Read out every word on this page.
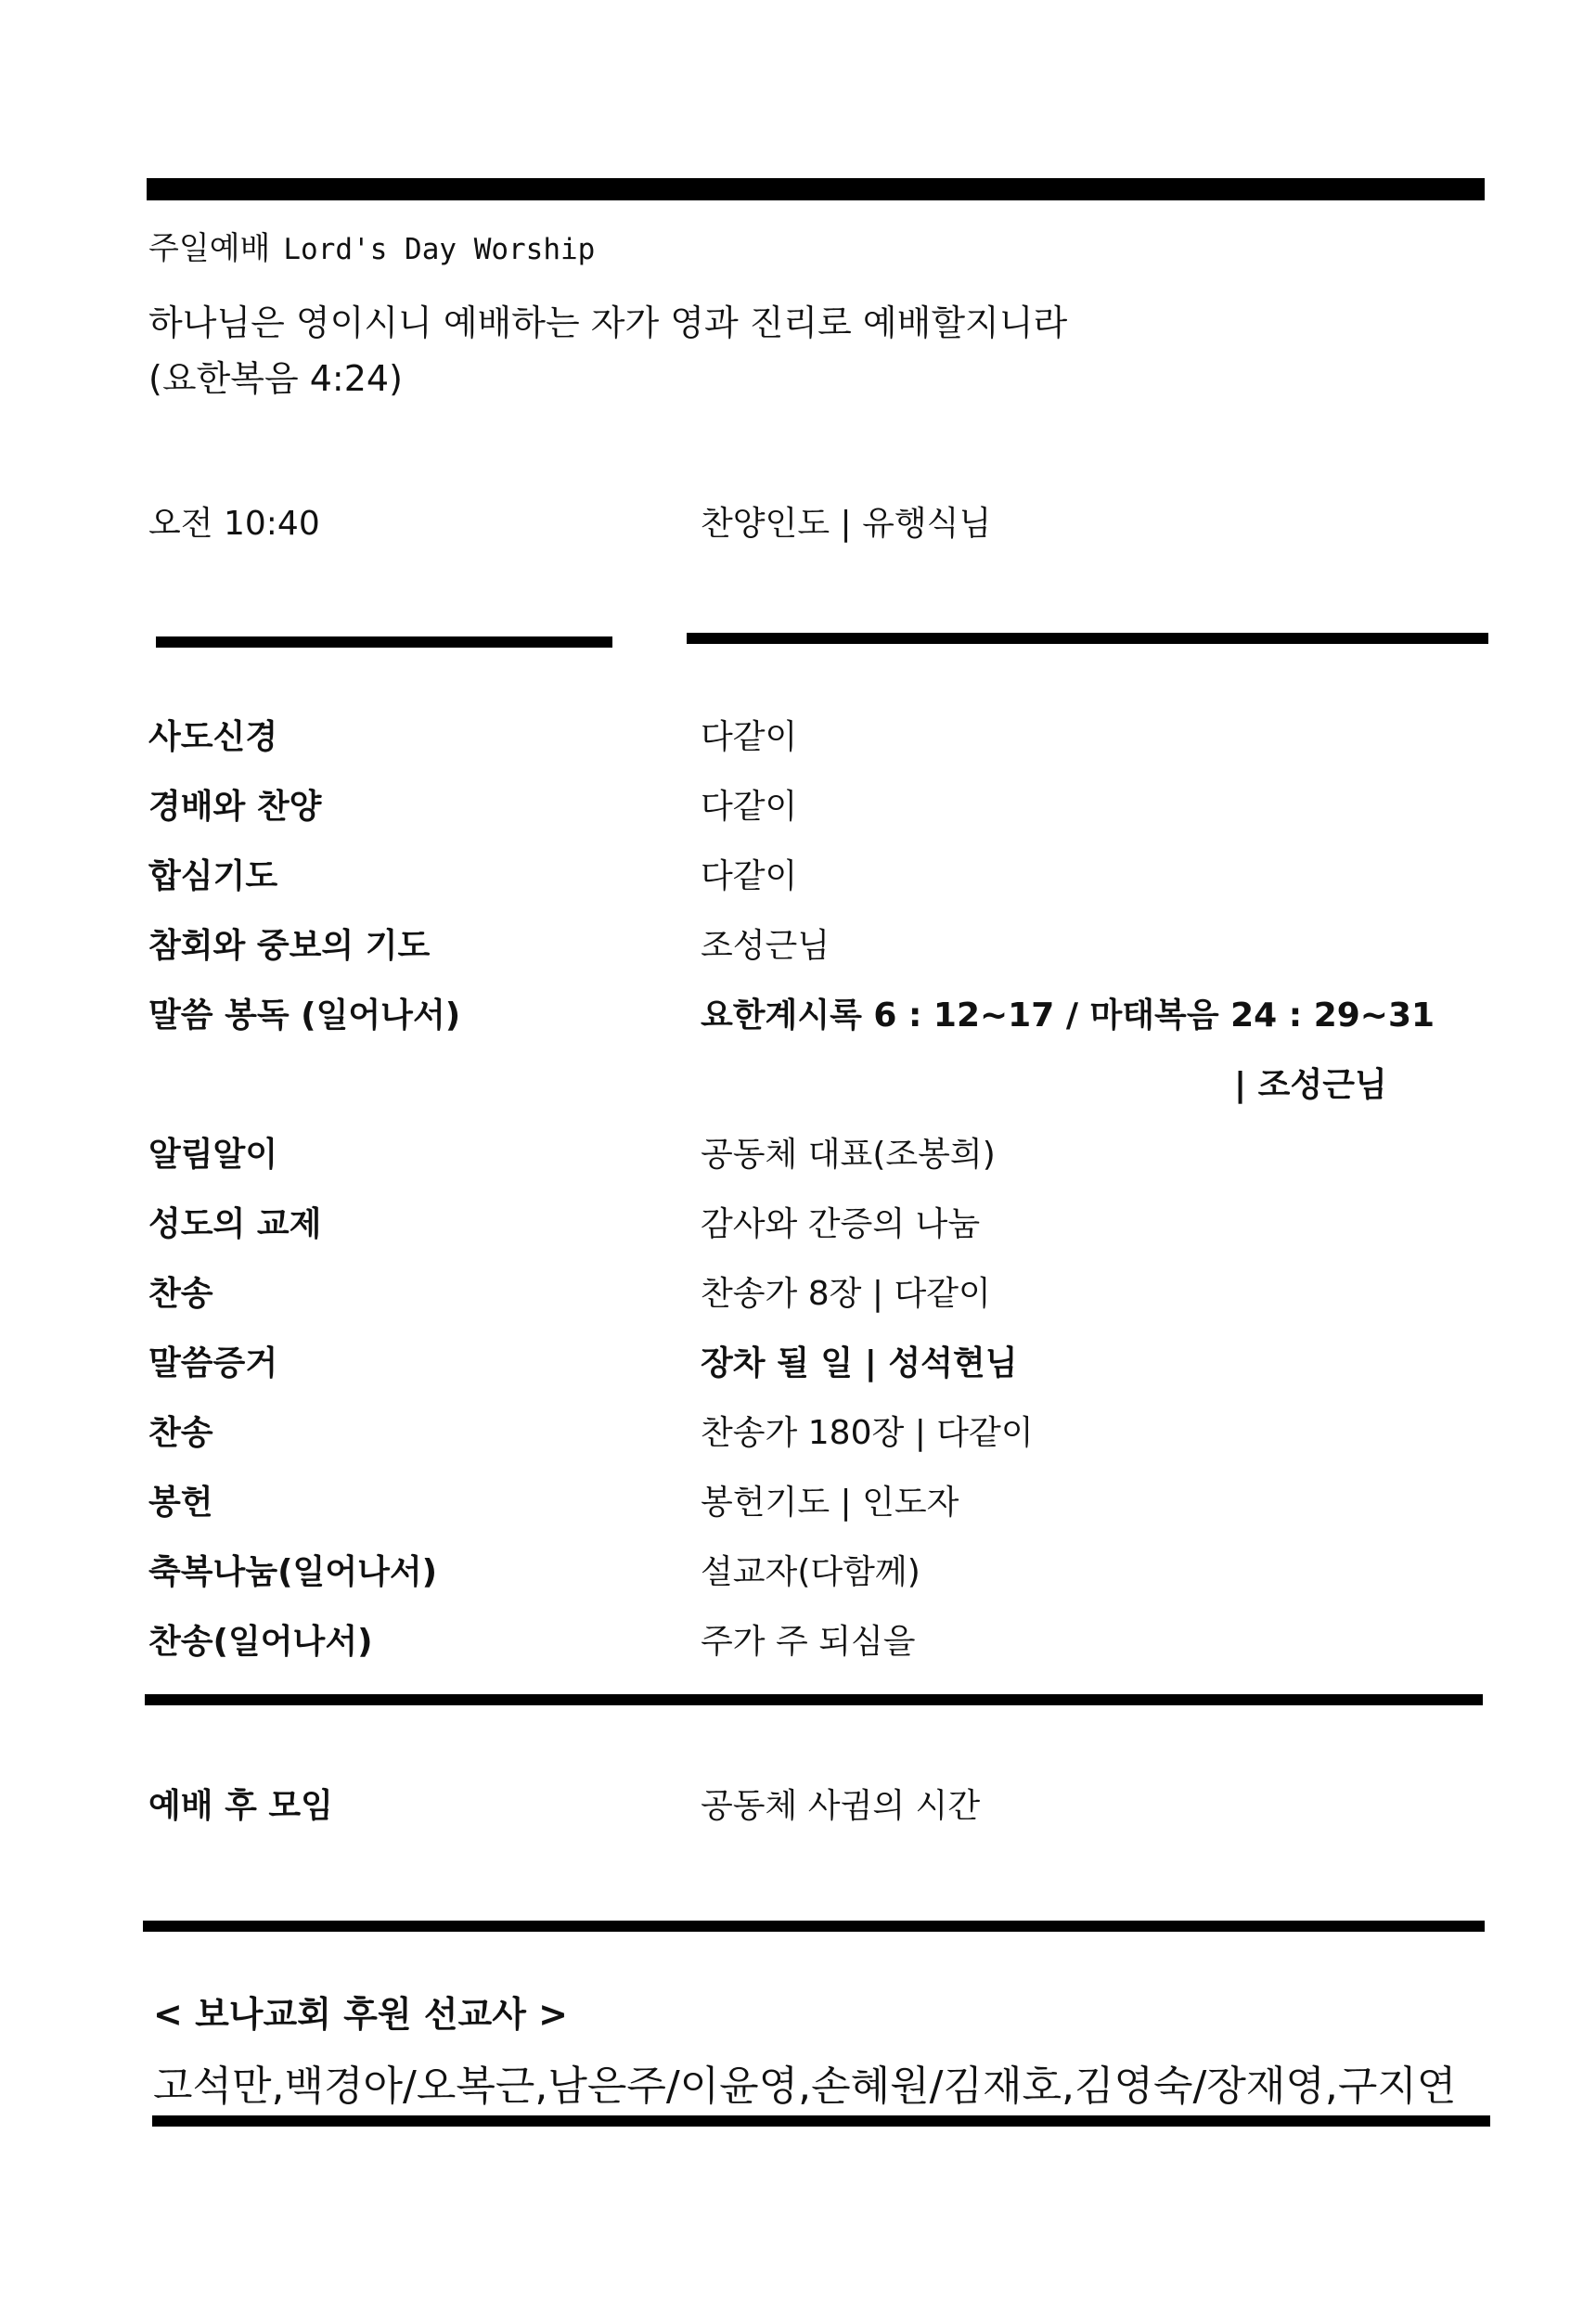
주일예배 Lord's Day Worship
하나님은 영이시니 예배하는 자가 영과 진리로 예배할지니라
(요한복음 4:24)
오전 10:40	찬양인도 | 유행식님
사도신경	다같이
경배와 찬양	다같이
합심기도	다같이
참회와 중보의 기도	조성근님
말씀 봉독 (일어나서)	요한계시록 6 : 12~17 / 마태복음 24 : 29~31
| 조성근님
알림알이	공동체 대표(조봉희)
성도의 교제	감사와 간증의 나눔
찬송	찬송가 8장 | 다같이
말씀증거	장차 될 일 | 성석현님
찬송	찬송가 180장 | 다같이
봉헌	봉헌기도 | 인도자
축복나눔(일어나서)	설교자(다함께)
찬송(일어나서)	주가 주 되심을
예배 후 모임	공동체 사귐의 시간
< 보나교회 후원 선교사 >
고석만,백경아/오복근,남은주/이윤영,손혜원/김재호,김영숙/장재영,구지연
